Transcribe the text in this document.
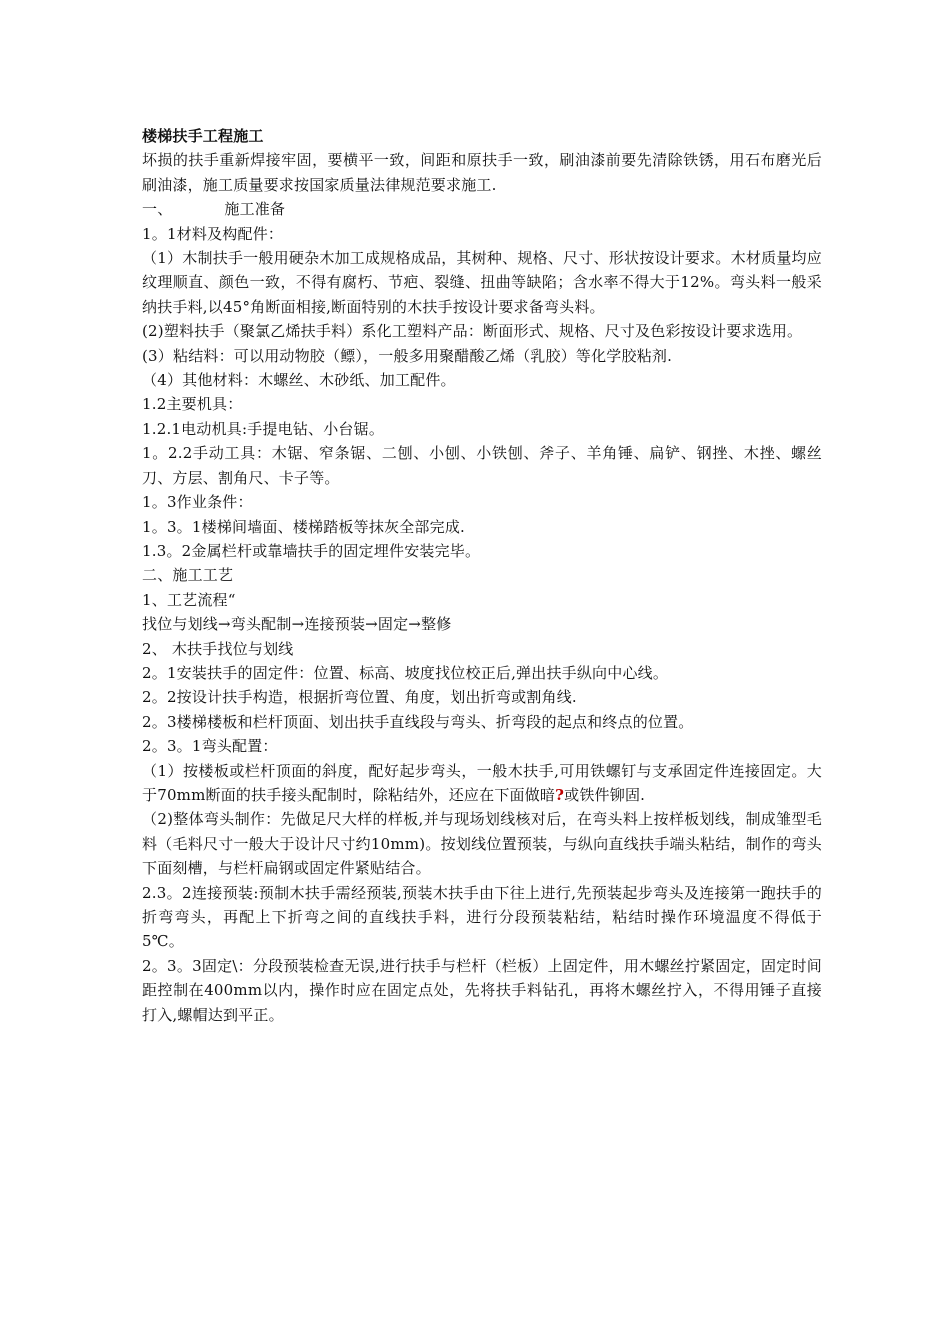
楼梯扶手工程施工
坏损的扶手重新焊接牢固，要横平一致，间距和原扶手一致，刷油漆前要先清除铁锈，用石布磨光后刷油漆，施工质量要求按国家质量法律规范要求施工.
一、	施工准备
1。1材料及构配件：
（1）木制扶手一般用硬杂木加工成规格成品，其树种、规格、尺寸、形状按设计要求。木材质量均应纹理顺直、颜色一致，不得有腐朽、节疤、裂缝、扭曲等缺陷；含水率不得大于12%。弯头料一般采纳扶手料,以45°角断面相接,断面特别的木扶手按设计要求备弯头料。
(2)塑料扶手（聚氯乙烯扶手料）系化工塑料产品：断面形式、规格、尺寸及色彩按设计要求选用。
(3）粘结料：可以用动物胶（鳔），一般多用聚醋酸乙烯（乳胶）等化学胶粘剂.
（4）其他材料：木螺丝、木砂纸、加工配件。
1.2主要机具：
1.2.1电动机具:手提电钻、小台锯。
1。2.2手动工具：木锯、窄条锯、二刨、小刨、小铁刨、斧子、羊角锤、扁铲、钢挫、木挫、螺丝刀、方层、割角尺、卡子等。
1。3作业条件：
1。3。1楼梯间墙面、楼梯踏板等抹灰全部完成.
1.3。2金属栏杆或靠墙扶手的固定埋件安装完毕。
二、施工工艺
1、工艺流程“
找位与划线→弯头配制→连接预装→固定→整修
2、 木扶手找位与划线
2。1安装扶手的固定件：位置、标高、坡度找位校正后,弹出扶手纵向中心线。
2。2按设计扶手构造，根据折弯位置、角度，划出折弯或割角线.
2。3楼梯楼板和栏杆顶面、划出扶手直线段与弯头、折弯段的起点和终点的位置。
2。3。1弯头配置：
（1）按楼板或栏杆顶面的斜度，配好起步弯头，一般木扶手,可用铁螺钉与支承固定件连接固定。大于70mm断面的扶手接头配制时，除粘结外，还应在下面做暗?或铁件铆固.
（2)整体弯头制作：先做足尺大样的样板,并与现场划线核对后，在弯头料上按样板划线，制成雏型毛料（毛料尺寸一般大于设计尺寸约10mm)。按划线位置预装，与纵向直线扶手端头粘结，制作的弯头下面刻槽，与栏杆扁钢或固定件紧贴结合。
2.3。2连接预装:预制木扶手需经预装,预装木扶手由下往上进行,先预装起步弯头及连接第一跑扶手的折弯弯头，再配上下折弯之间的直线扶手料，进行分段预装粘结，粘结时操作环境温度不得低于5℃。
2。3。3固定\：分段预装检查无误,进行扶手与栏杆（栏板）上固定件，用木螺丝拧紧固定，固定时间距控制在400mm以内，操作时应在固定点处，先将扶手料钻孔，再将木螺丝拧入，不得用锤子直接打入,螺帽达到平正。
